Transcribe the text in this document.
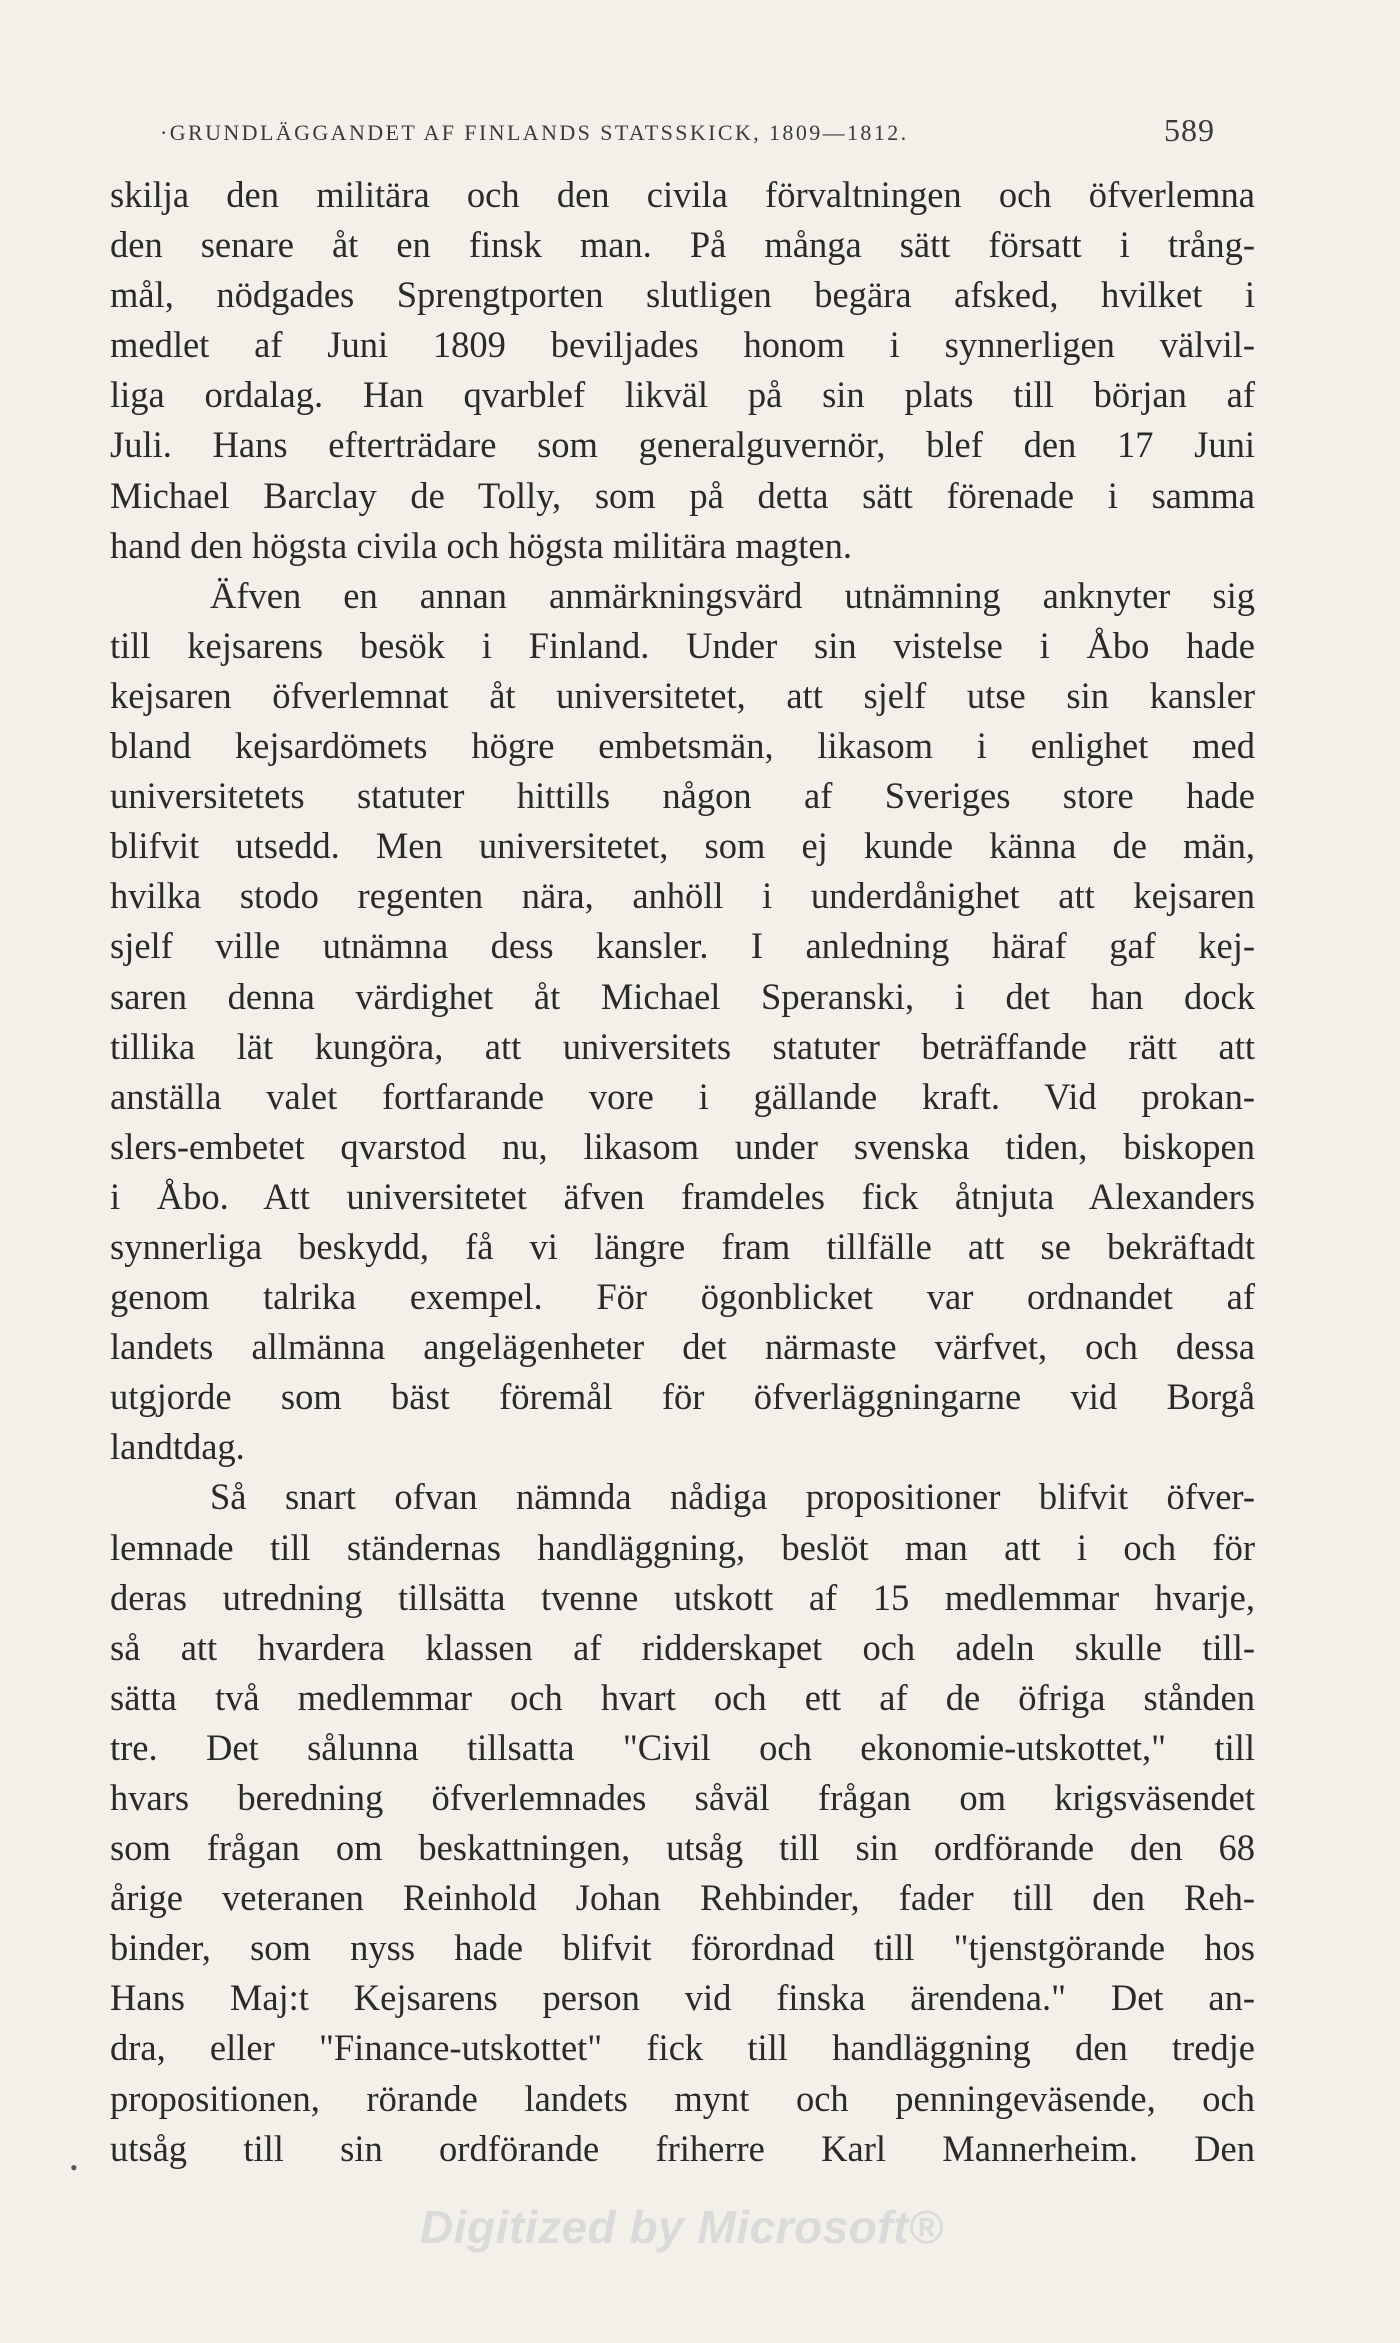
·GRUNDLÄGGANDET AF FINLANDS STATSSKICK, 1809—1812.	589
skilja den militära och den civila förvaltningen och öfverlemna
den senare åt en finsk man. På många sätt försatt i trång-
mål, nödgades Sprengtporten slutligen begära afsked, hvilket i
medlet af Juni 1809 beviljades honom i synnerligen välvil-
liga ordalag. Han qvarblef likväl på sin plats till början af
Juli. Hans efterträdare som generalguvernör, blef den 17 Juni
Michael Barclay de Tolly, som på detta sätt förenade i samma
hand den högsta civila och högsta militära magten.
Äfven en annan anmärkningsvärd utnämning anknyter sig
till kejsarens besök i Finland. Under sin vistelse i Åbo hade
kejsaren öfverlemnat åt universitetet, att sjelf utse sin kansler
bland kejsardömets högre embetsmän, likasom i enlighet med
universitetets statuter hittills någon af Sveriges store hade
blifvit utsedd. Men universitetet, som ej kunde känna de män,
hvilka stodo regenten nära, anhöll i underdånighet att kejsaren
sjelf ville utnämna dess kansler. I anledning häraf gaf kej-
saren denna värdighet åt Michael Speranski, i det han dock
tillika lät kungöra, att universitets statuter beträffande rätt att
anställa valet fortfarande vore i gällande kraft. Vid prokan-
slers-embetet qvarstod nu, likasom under svenska tiden, biskopen
i Åbo. Att universitetet äfven framdeles fick åtnjuta Alexanders
synnerliga beskydd, få vi längre fram tillfälle att se bekräftadt
genom talrika exempel. För ögonblicket var ordnandet af
landets allmänna angelägenheter det närmaste värfvet, och dessa
utgjorde som bäst föremål för öfverläggningarne vid Borgå
landtdag.
Så snart ofvan nämnda nådiga propositioner blifvit öfver-
lemnade till ständernas handläggning, beslöt man att i och för
deras utredning tillsätta tvenne utskott af 15 medlemmar hvarje,
så att hvardera klassen af ridderskapet och adeln skulle till-
sätta två medlemmar och hvart och ett af de öfriga stånden
tre. Det sålunna tillsatta "Civil och ekonomie-utskottet," till
hvars beredning öfverlemnades såväl frågan om krigsväsendet
som frågan om beskattningen, utsåg till sin ordförande den 68
årige veteranen Reinhold Johan Rehbinder, fader till den Reh-
binder, som nyss hade blifvit förordnad till "tjenstgörande hos
Hans Maj:t Kejsarens person vid finska ärendena." Det an-
dra, eller "Finance-utskottet" fick till handläggning den tredje
propositionen, rörande landets mynt och penningeväsende, och
utsåg till sin ordförande friherre Karl Mannerheim. Den
•
Digitized by Microsoft®
